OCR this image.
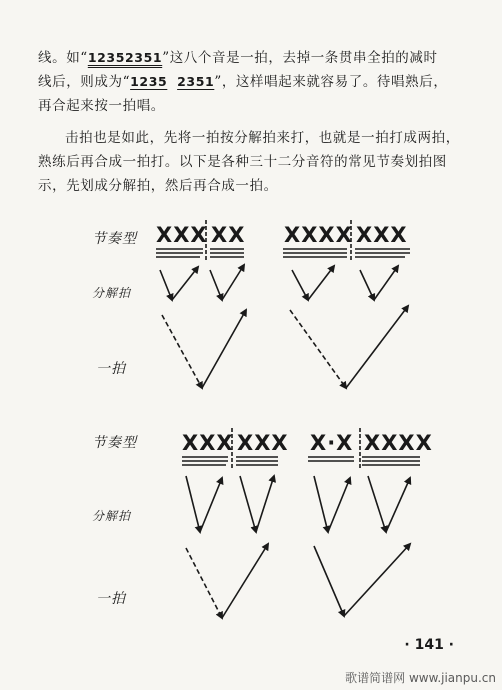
线。如“12352351”这八个音是一拍，去掉一条贯串全拍的减时
线后，则成为“1235 2351”，这样唱起来就容易了。待唱熟后，
再合起来按一拍唱。

击拍也是如此，先将一拍按分解拍来打，也就是一拍打成两拍，熟练后再合成一拍打。以下是各种三十二分音符的常见节奏划拍图示，先划成分解拍，然后再合成一拍。

节奏型
分解拍
一拍
节奏型
分解拍
一拍
XXX XX XXXX XXX
XXX XXX X·X XXXX
· 141 ·
歌谱简谱网 www.jianpu.cn
